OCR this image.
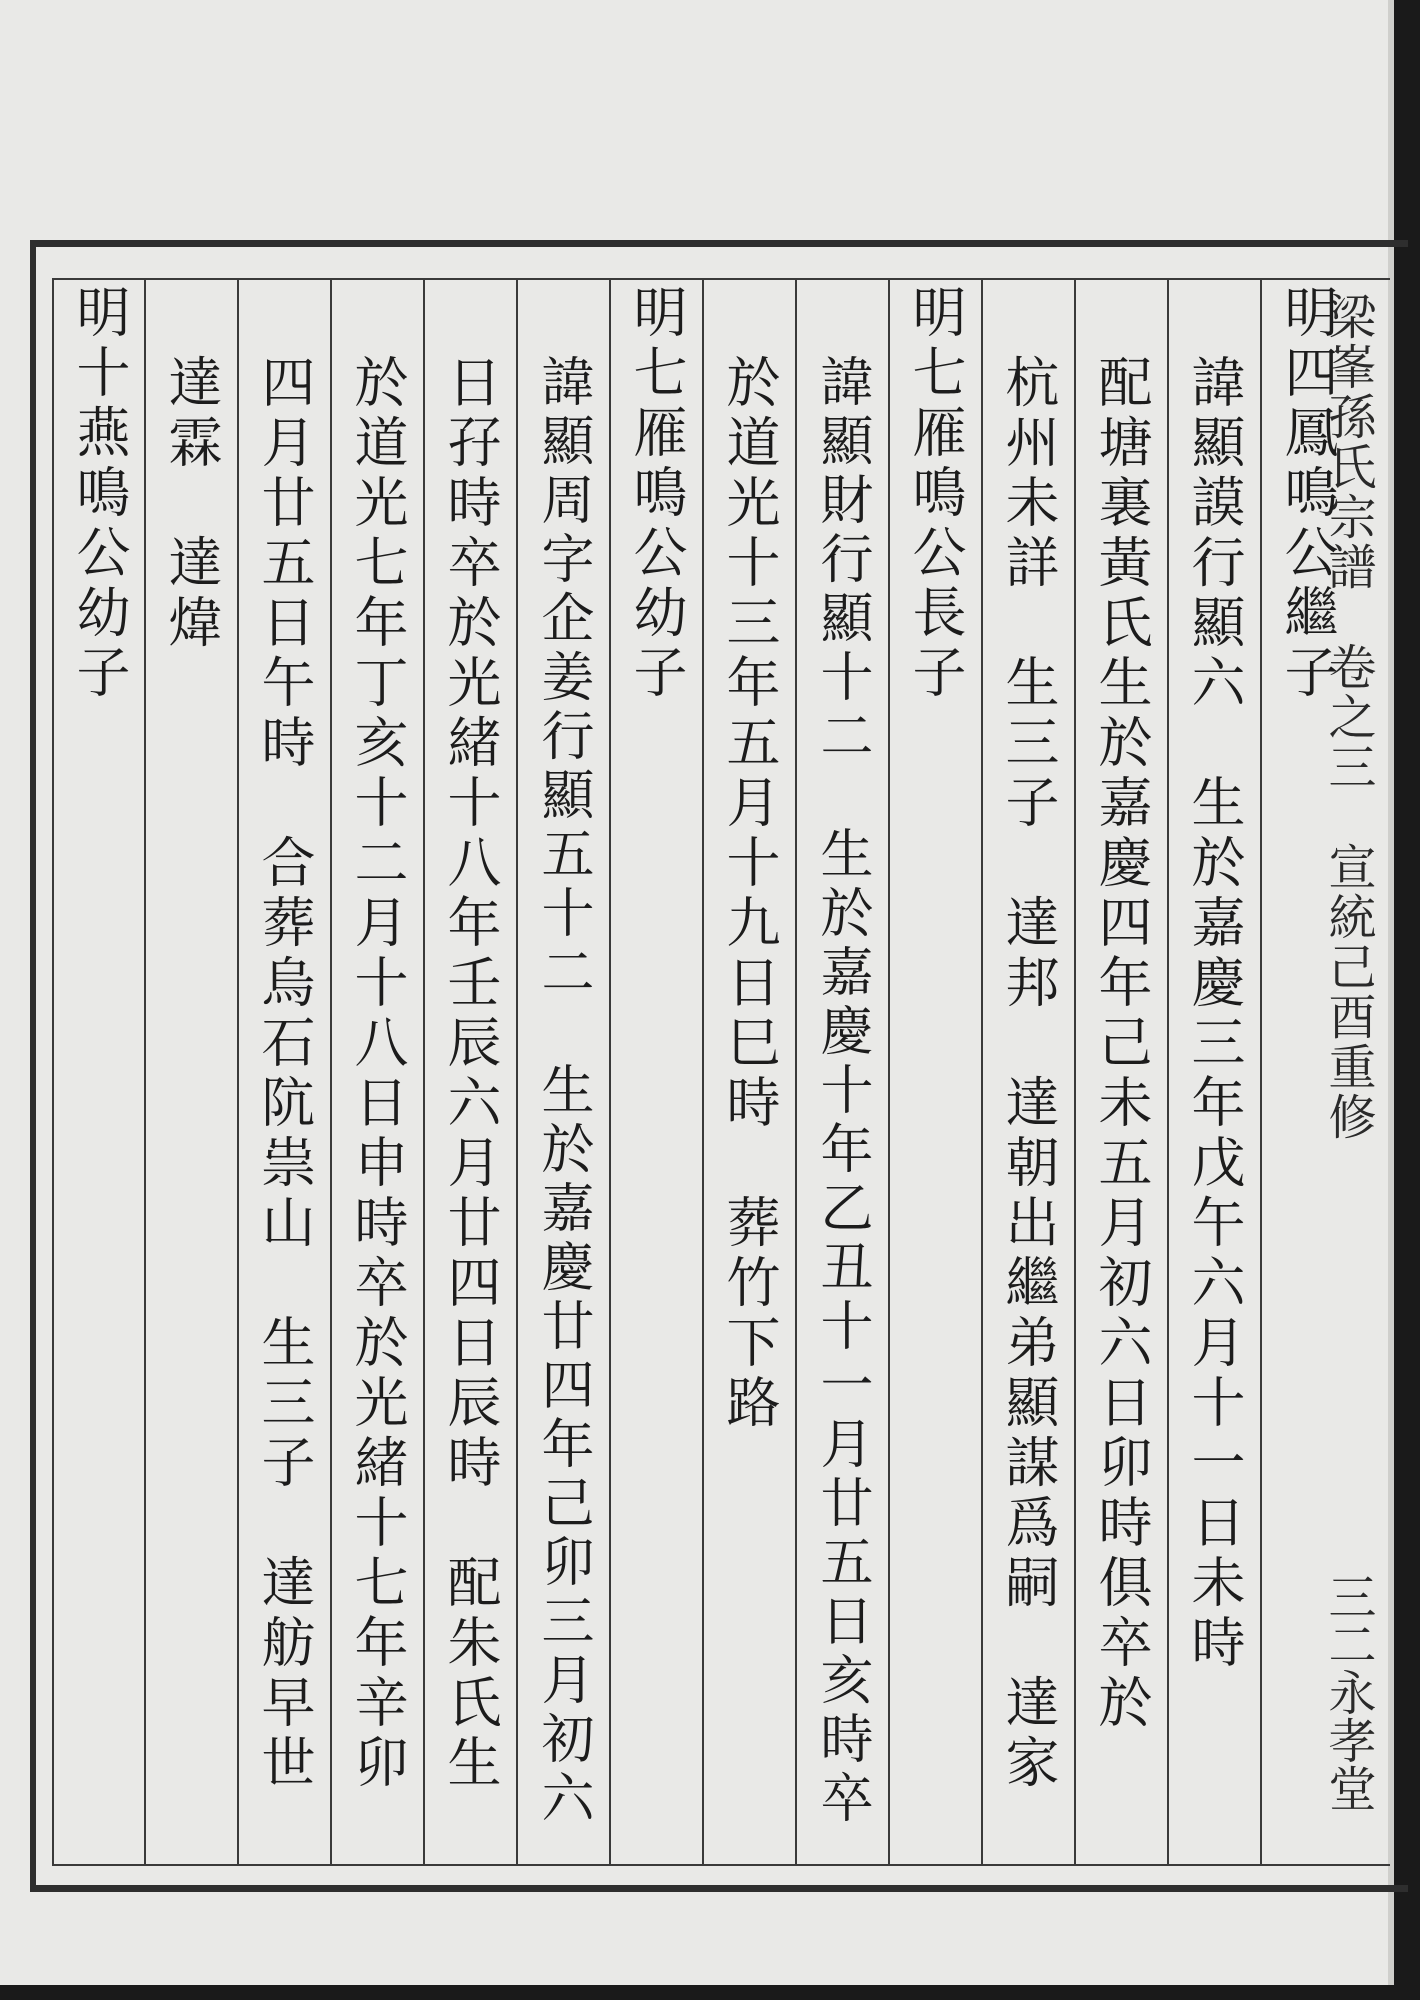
梁峯孫氏宗譜　卷之三　宣統己酉重修
三二永孝堂
明四鳳鳴公繼子
諱顯謨行顯六　生於嘉慶三年戊午六月十一日未時
配塘裏黃氏生於嘉慶四年己未五月初六日卯時俱卒於
杭州未詳　生三子　達邦　達朝出繼弟顯謀爲嗣　達家
明七雁鳴公長子
諱顯財行顯十二　生於嘉慶十年乙丑十一月廿五日亥時卒
於道光十三年五月十九日巳時　葬竹下路
明七雁鳴公幼子
諱顯周字企姜行顯五十二　生於嘉慶廿四年己卯三月初六
日孖時卒於光緒十八年壬辰六月廿四日辰時　配朱氏生
於道光七年丁亥十二月十八日申時卒於光緒十七年辛卯
四月廿五日午時　合葬烏石阬祟山　生三子　達舫早世
達霖　達煒
明十燕鳴公幼子
